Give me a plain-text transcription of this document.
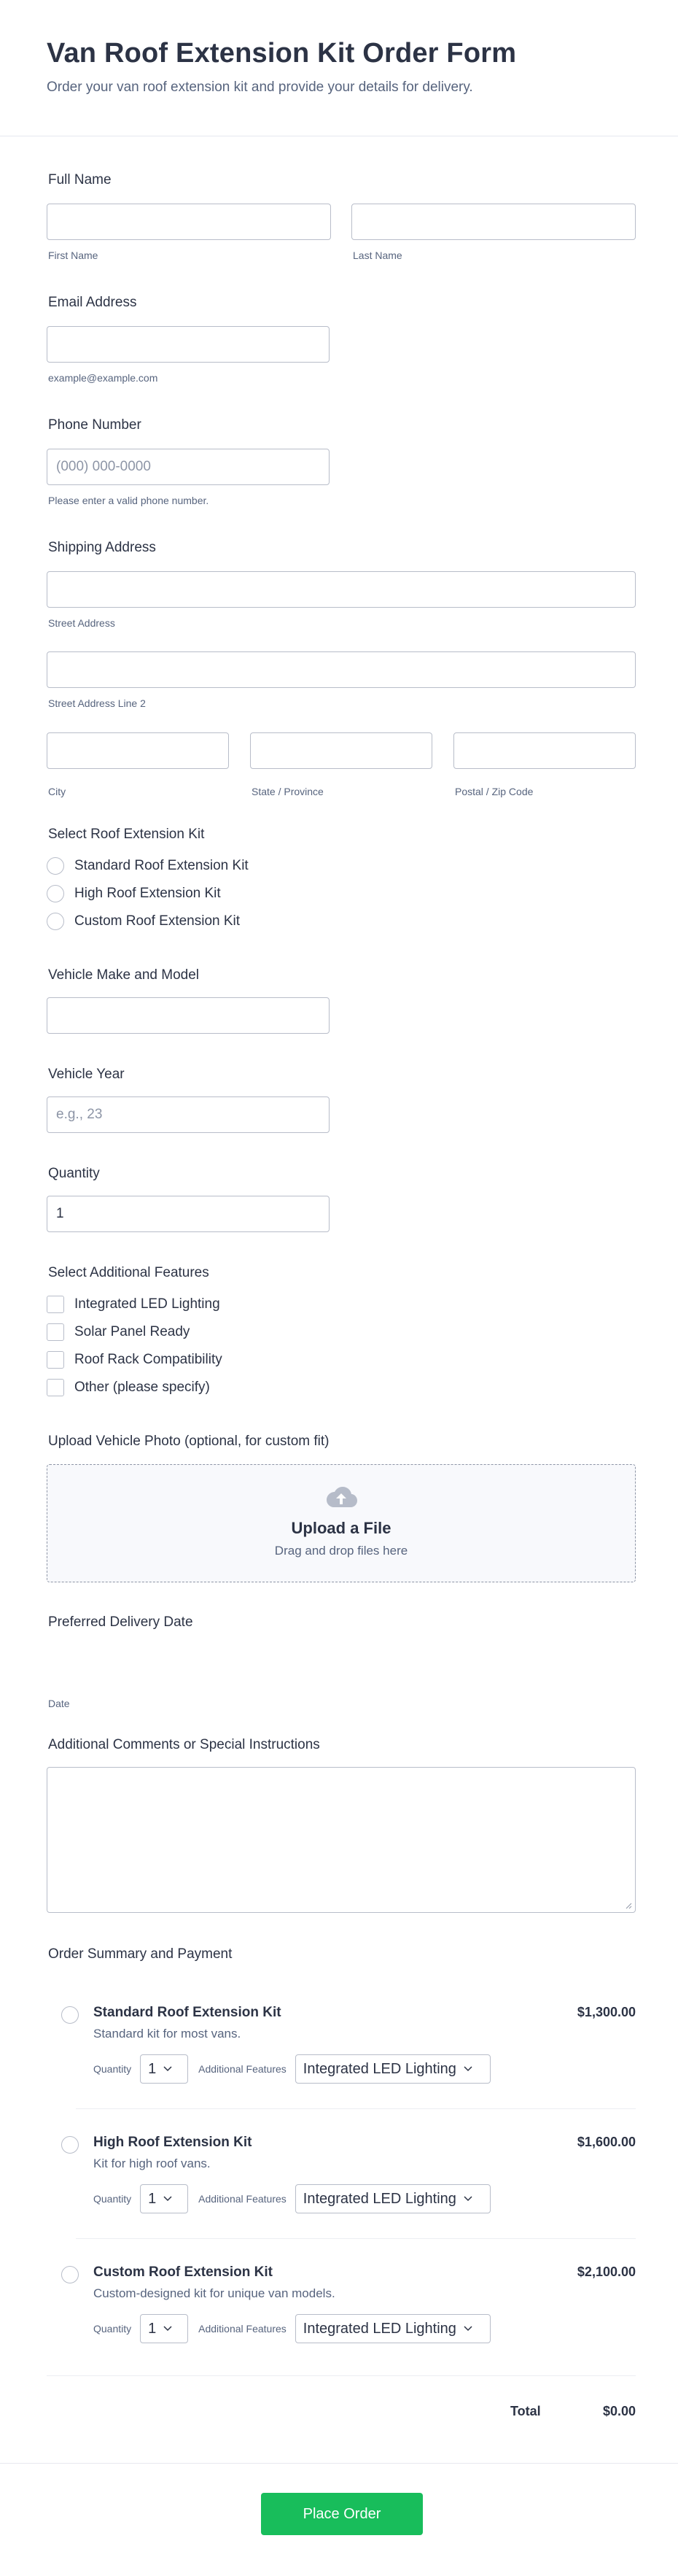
Van Roof Extension Kit Order Form

Order your van roof extension kit and provide your details for delivery.

Full Name
First Name	Last Name
Email Address
example@example.com
Phone Number
(000) 000-0000
Please enter a valid phone number.
Shipping Address
Street Address
Street Address Line 2
City	State / Province	Postal / Zip Code
Select Roof Extension Kit
Standard Roof Extension Kit
High Roof Extension Kit
Custom Roof Extension Kit
Vehicle Make and Model
Vehicle Year
e.g., 23
Quantity
1
Select Additional Features
Integrated LED Lighting
Solar Panel Ready
Roof Rack Compatibility
Other (please specify)
Upload Vehicle Photo (optional, for custom fit)
Upload a File
Drag and drop files here
Preferred Delivery Date
Date
Additional Comments or Special Instructions
Order Summary and Payment
Standard Roof Extension Kit	$1,300.00
Standard kit for most vans.
Quantity 1	Additional Features Integrated LED Lighting
High Roof Extension Kit	$1,600.00
Kit for high roof vans.
Quantity 1	Additional Features Integrated LED Lighting
Custom Roof Extension Kit	$2,100.00
Custom-designed kit for unique van models.
Quantity 1	Additional Features Integrated LED Lighting
Total	$0.00
Place Order
